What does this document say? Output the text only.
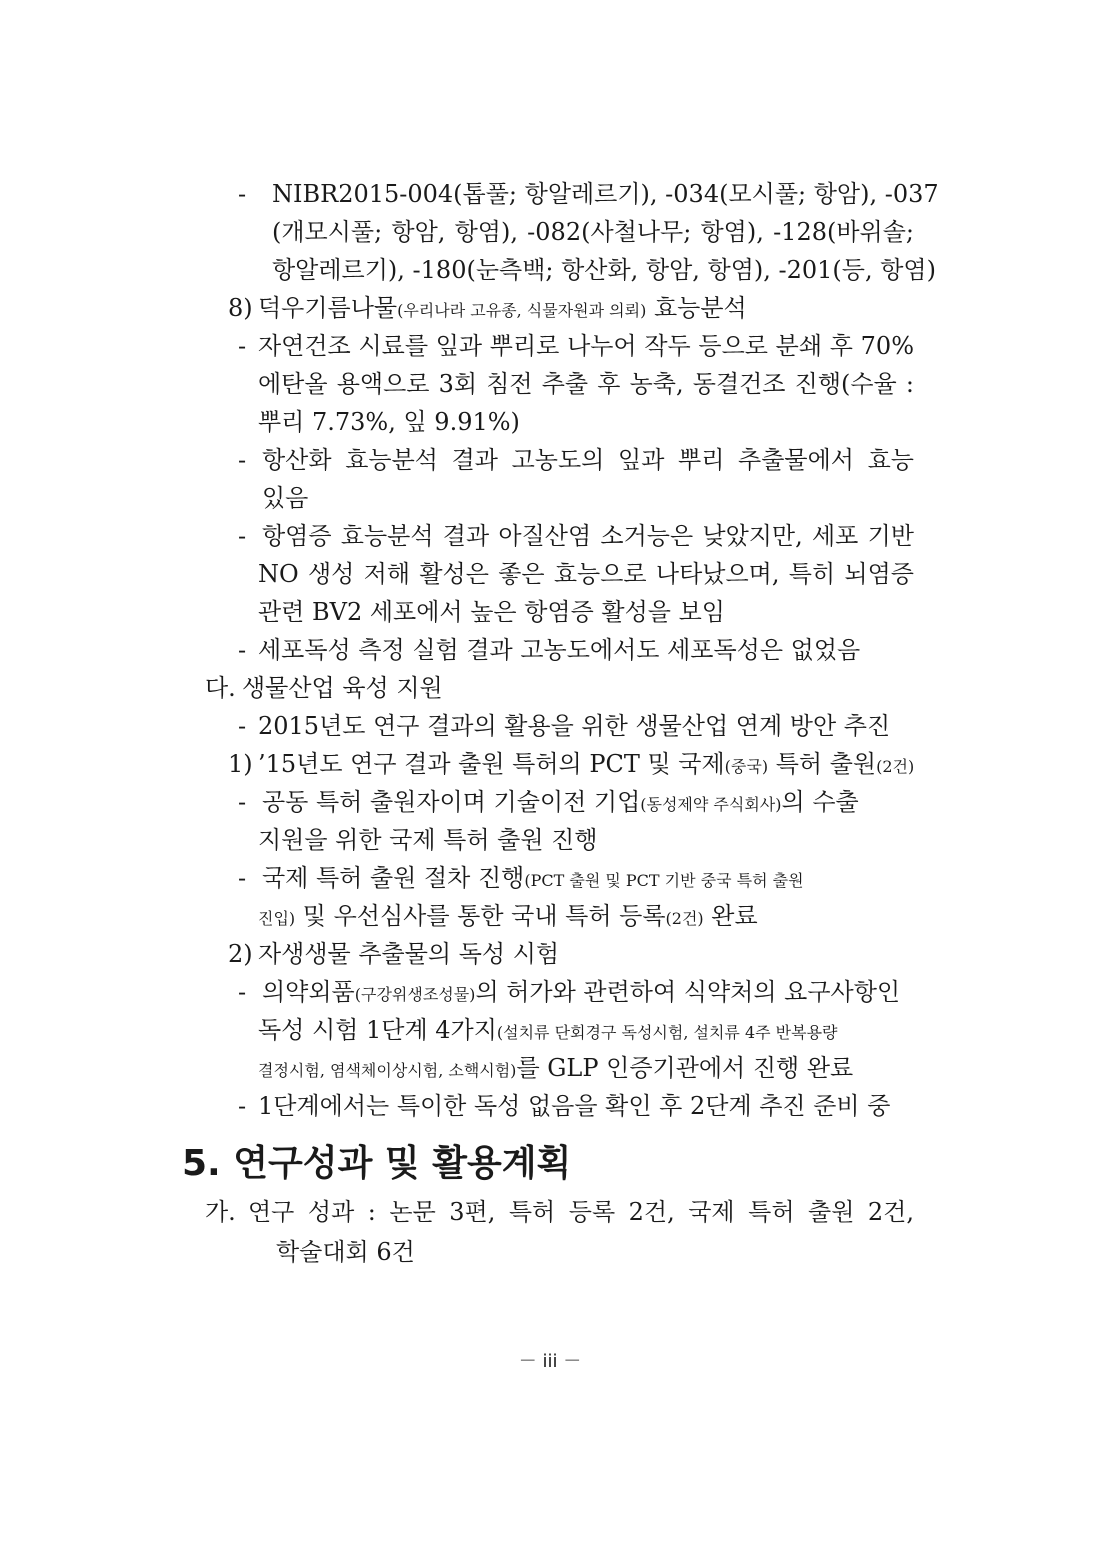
- NIBR2015-004(톱풀; 항알레르기), -034(모시풀; 항암), -037
(개모시풀; 항암, 항염), -082(사철나무; 항염), -128(바위솔;
항알레르기), -180(눈측백; 항산화, 항암, 항염), -201(등, 항염)
8) 덕우기름나물(우리나라 고유종, 식물자원과 의뢰) 효능분석
- 자연건조 시료를 잎과 뿌리로 나누어 작두 등으로 분쇄 후 70%
에탄올 용액으로 3회 침전 추출 후 농축, 동결건조 진행(수율 :
뿌리 7.73%, 잎 9.91%)
- 항산화 효능분석 결과 고농도의 잎과 뿌리 추출물에서 효능
있음
- 항염증 효능분석 결과 아질산염 소거능은 낮았지만, 세포 기반
NO 생성 저해 활성은 좋은 효능으로 나타났으며, 특히 뇌염증
관련 BV2 세포에서 높은 항염증 활성을 보임
- 세포독성 측정 실험 결과 고농도에서도 세포독성은 없었음
다. 생물산업 육성 지원
- 2015년도 연구 결과의 활용을 위한 생물산업 연계 방안 추진
1) ’15년도 연구 결과 출원 특허의 PCT 및 국제(중국) 특허 출원(2건)
- 공동 특허 출원자이며 기술이전 기업(동성제약 주식회사)의 수출
지원을 위한 국제 특허 출원 진행
- 국제 특허 출원 절차 진행(PCT 출원 및 PCT 기반 중국 특허 출원
진입) 및 우선심사를 통한 국내 특허 등록(2건) 완료
2) 자생생물 추출물의 독성 시험
- 의약외품(구강위생조성물)의 허가와 관련하여 식약처의 요구사항인
독성 시험 1단계 4가지(설치류 단회경구 독성시험, 설치류 4주 반복용량
결정시험, 염색체이상시험, 소핵시험)를 GLP 인증기관에서 진행 완료
- 1단계에서는 특이한 독성 없음을 확인 후 2단계 추진 준비 중
5. 연구성과 및 활용계획
가. 연구 성과 : 논문 3편, 특허 등록 2건, 국제 특허 출원 2건,
학술대회 6건
－ iii －
